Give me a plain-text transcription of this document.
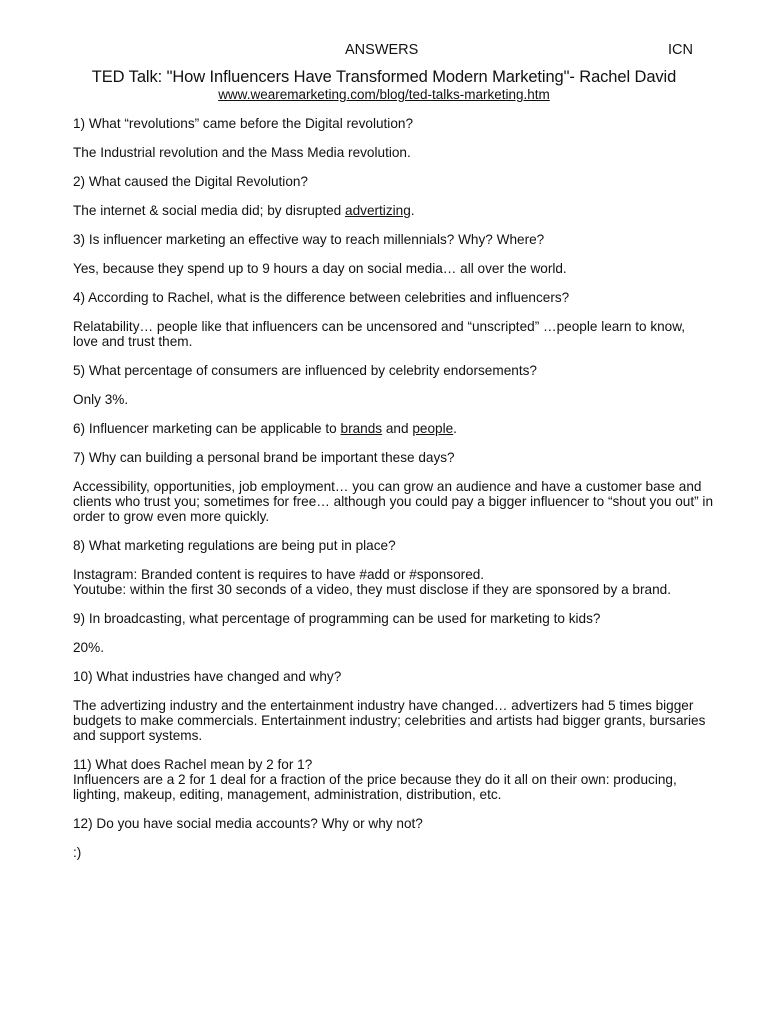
ANSWERS	ICN
TED Talk: "How Influencers Have Transformed Modern Marketing"- Rachel David
www.wearemarketing.com/blog/ted-talks-marketing.htm

1) What “revolutions” came before the Digital revolution?

The Industrial revolution and the Mass Media revolution.

2) What caused the Digital Revolution?

The internet & social media did; by disrupted advertizing.

3) Is influencer marketing an effective way to reach millennials? Why? Where?

Yes, because they spend up to 9 hours a day on social media… all over the world.

4) According to Rachel, what is the difference between celebrities and influencers?

Relatability… people like that influencers can be uncensored and “unscripted” …people learn to know, love and trust them.

5) What percentage of consumers are influenced by celebrity endorsements?

Only 3%.

6) Influencer marketing can be applicable to brands and people.

7) Why can building a personal brand be important these days?

Accessibility, opportunities, job employment… you can grow an audience and have a customer base and clients who trust you; sometimes for free… although you could pay a bigger influencer to “shout you out” in order to grow even more quickly.

8) What marketing regulations are being put in place?

Instagram: Branded content is requires to have #add or #sponsored.

Youtube: within the first 30 seconds of a video, they must disclose if they are sponsored by a brand.

9) In broadcasting, what percentage of programming can be used for marketing to kids?

20%.

10) What industries have changed and why?

The advertizing industry and the entertainment industry have changed… advertizers had 5 times bigger budgets to make commercials. Entertainment industry; celebrities and artists had bigger grants, bursaries and support systems.

11) What does Rachel mean by 2 for 1?

Influencers are a 2 for 1 deal for a fraction of the price because they do it all on their own: producing, lighting, makeup, editing, management, administration, distribution, etc.

12) Do you have social media accounts? Why or why not?

:)
